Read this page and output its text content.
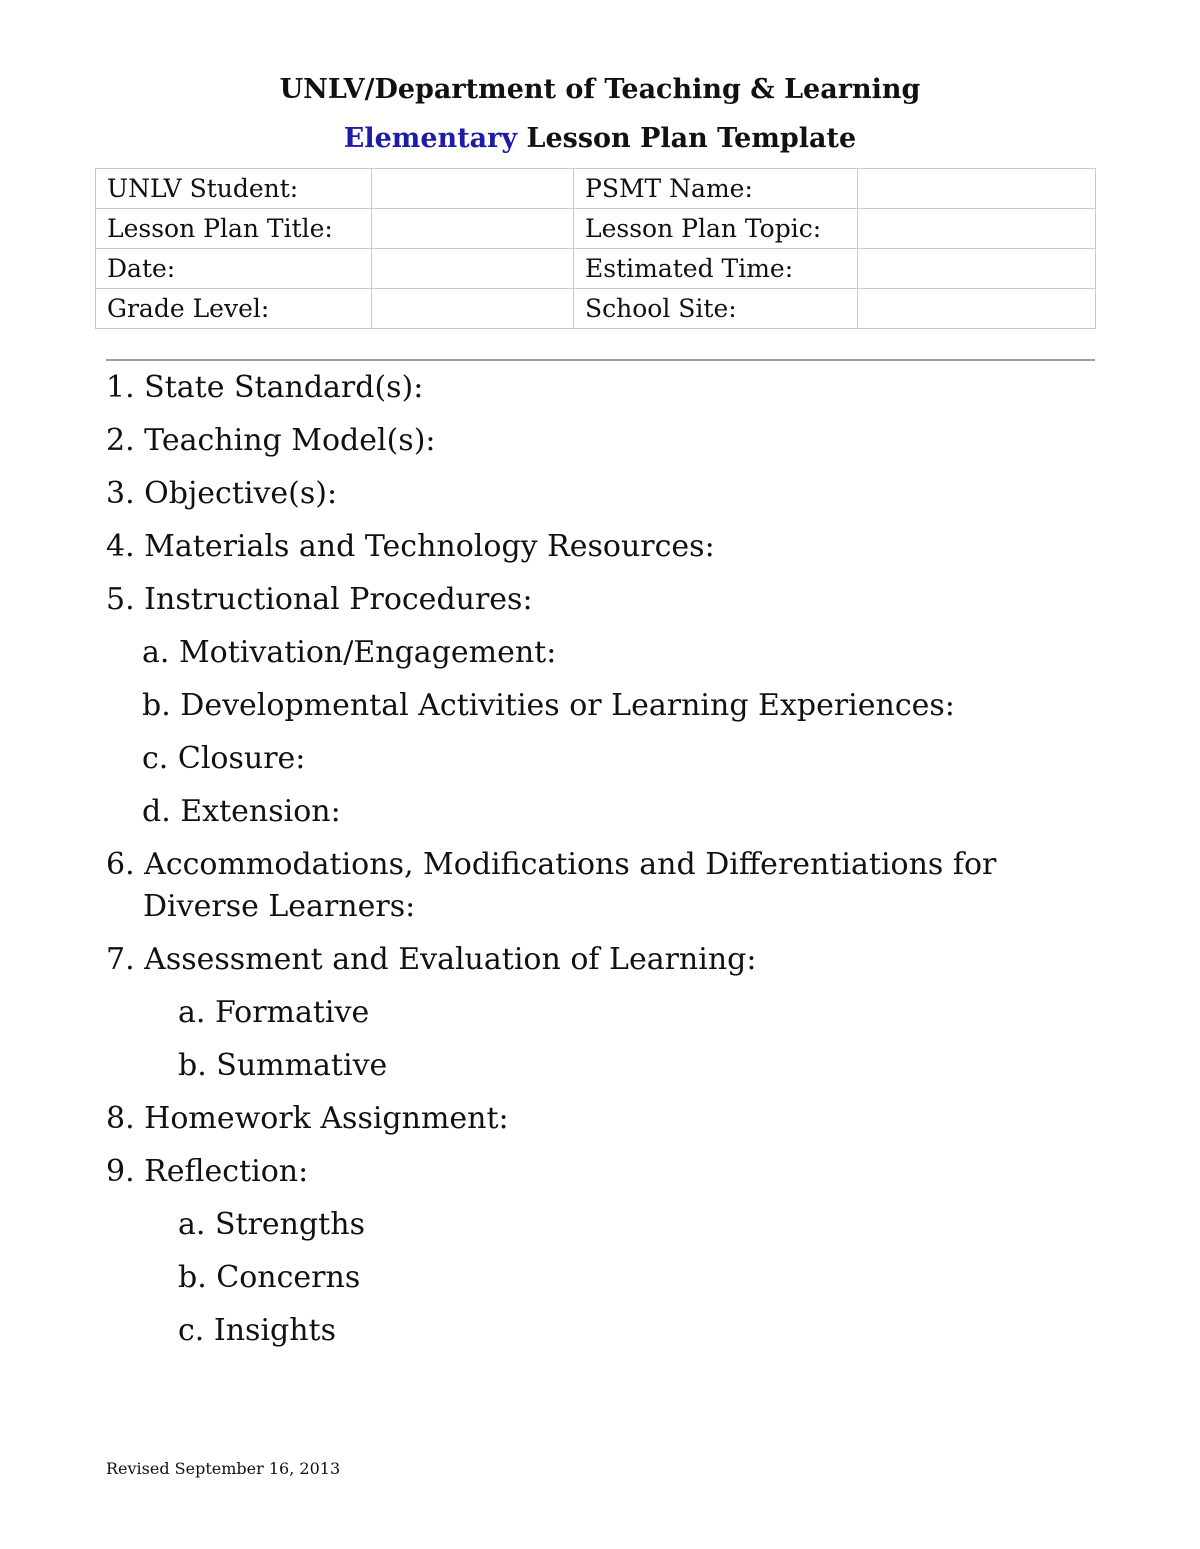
UNLV/Department of Teaching & Learning
Elementary Lesson Plan Template
UNLV Student:		PSMT Name:	
Lesson Plan Title:		Lesson Plan Topic:	
Date:		Estimated Time:	
Grade Level:		School Site:	
1. State Standard(s):
2. Teaching Model(s):
3. Objective(s):
4. Materials and Technology Resources:
5. Instructional Procedures:
a. Motivation/Engagement:
b. Developmental Activities or Learning Experiences:
c. Closure:
d. Extension:
6. Accommodations, Modifications and Differentiations for Diverse Learners:
7. Assessment and Evaluation of Learning:
a. Formative
b. Summative
8. Homework Assignment:
9. Reflection:
a. Strengths
b. Concerns
c. Insights
Revised September 16, 2013
